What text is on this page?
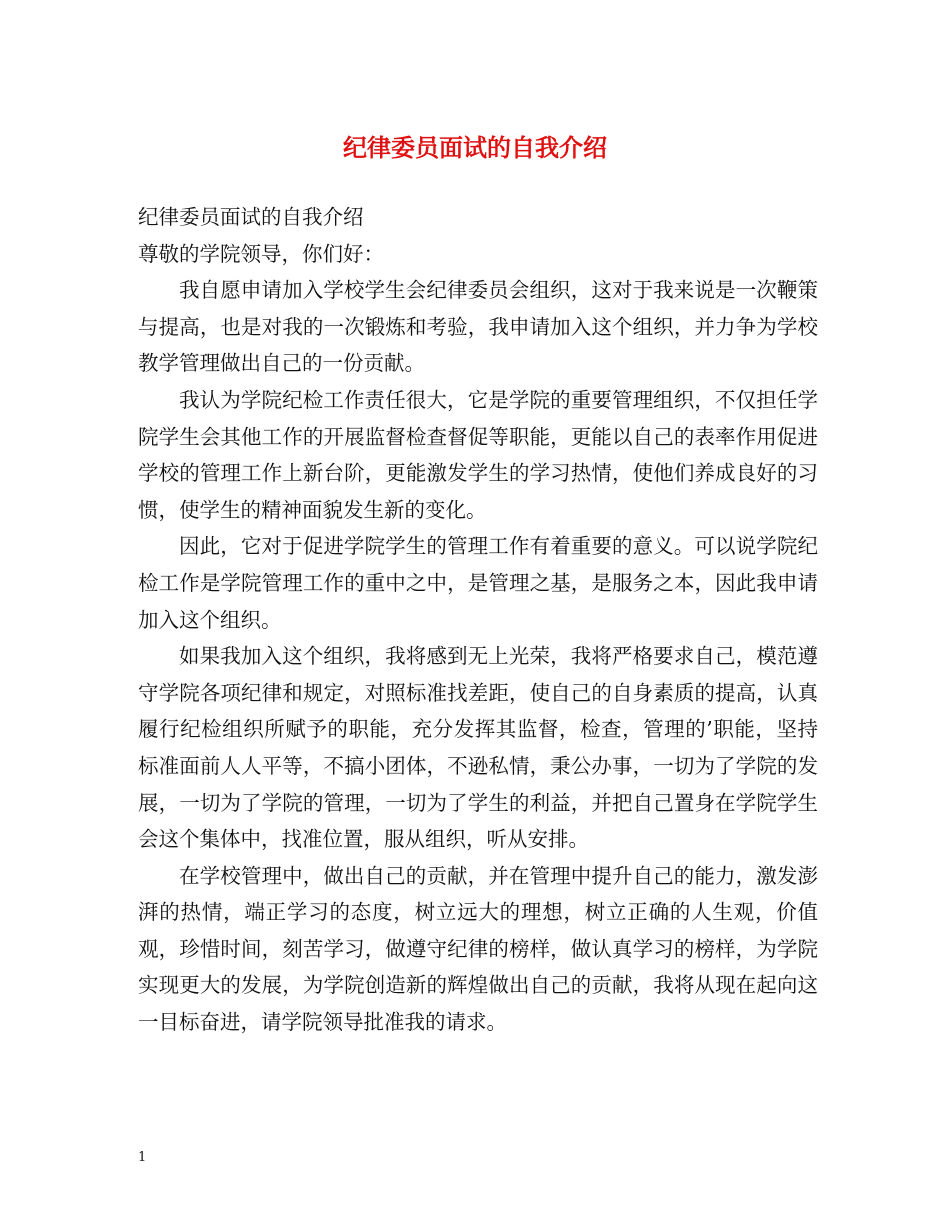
纪律委员面试的自我介绍

纪律委员面试的自我介绍

尊敬的学院领导，你们好：

我自愿申请加入学校学生会纪律委员会组织，这对于我来说是一次鞭策与提高，也是对我的一次锻炼和考验，我申请加入这个组织，并力争为学校教学管理做出自己的一份贡献。

我认为学院纪检工作责任很大，它是学院的重要管理组织，不仅担任学院学生会其他工作的开展监督检查督促等职能，更能以自己的表率作用促进学校的管理工作上新台阶，更能激发学生的学习热情，使他们养成良好的习惯，使学生的精神面貌发生新的变化。

因此，它对于促进学院学生的管理工作有着重要的意义。可以说学院纪检工作是学院管理工作的重中之中，是管理之基，是服务之本，因此我申请加入这个组织。

如果我加入这个组织，我将感到无上光荣，我将严格要求自己，模范遵守学院各项纪律和规定，对照标准找差距，使自己的自身素质的提高，认真履行纪检组织所赋予的职能，充分发挥其监督，检查，管理的’职能，坚持标准面前人人平等，不搞小团体，不逊私情，秉公办事，一切为了学院的发展，一切为了学院的管理，一切为了学生的利益，并把自己置身在学院学生会这个集体中，找准位置，服从组织，听从安排。

在学校管理中，做出自己的贡献，并在管理中提升自己的能力，激发澎湃的热情，端正学习的态度，树立远大的理想，树立正确的人生观，价值观，珍惜时间，刻苦学习，做遵守纪律的榜样，做认真学习的榜样，为学院实现更大的发展，为学院创造新的辉煌做出自己的贡献，我将从现在起向这一目标奋进，请学院领导批准我的请求。

1
